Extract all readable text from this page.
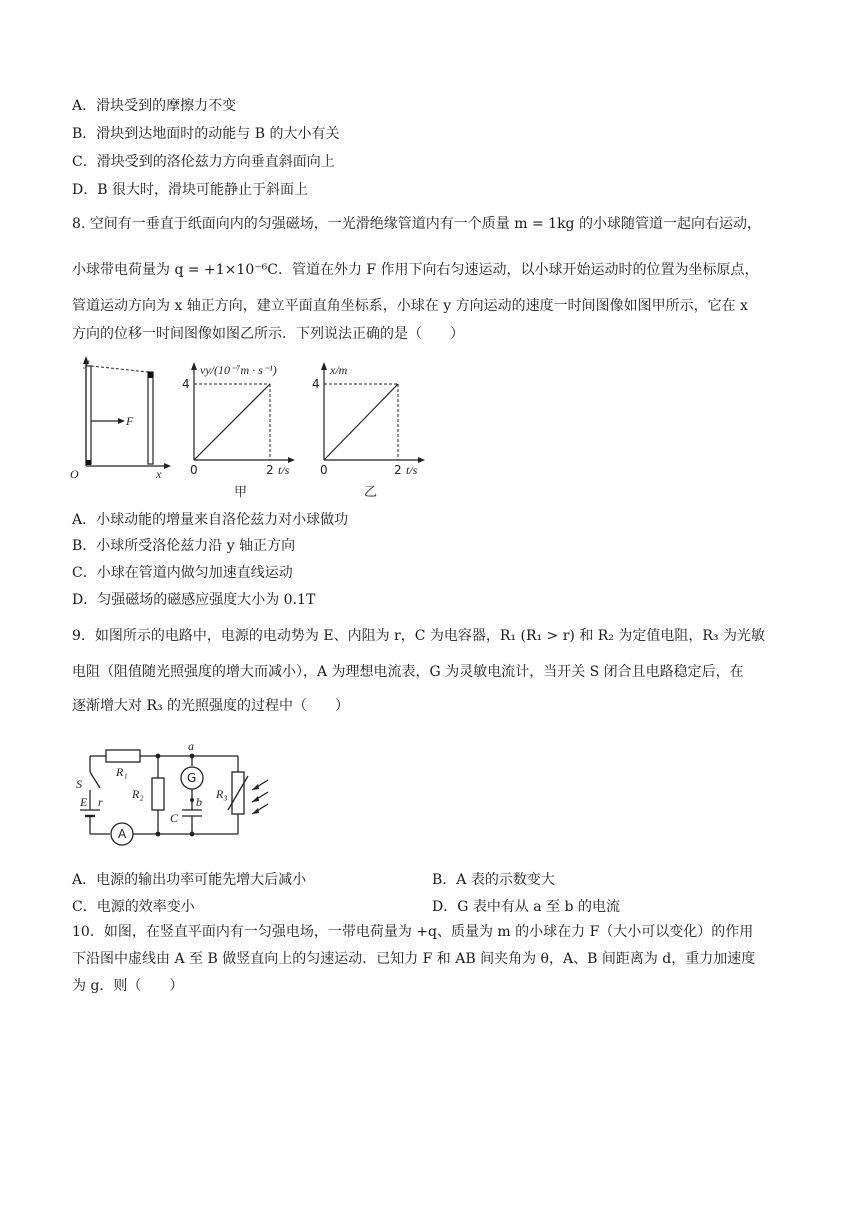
A．滑块受到的摩擦力不变
B．滑块到达地面时的动能与 B 的大小有关
C．滑块受到的洛伦兹力方向垂直斜面向上
D．B 很大时，滑块可能静止于斜面上
8. 空间有一垂直于纸面向内的匀强磁场，一光滑绝缘管道内有一个质量 m = 1kg 的小球随管道一起向右运动，
小球带电荷量为 q = +1×10⁻⁶C．管道在外力 F 作用下向右匀速运动，以小球开始运动时的位置为坐标原点，
管道运动方向为 x 轴正方向，建立平面直角坐标系，小球在 y 方向运动的速度一时间图像如图甲所示，它在 x
方向的位移一时间图像如图乙所示．下列说法正确的是（　　）
y
F
O	x
vy/(10⁻⁷m · s⁻¹)
4
2 t/s
0
甲
x/m
4
2 t/s
0
乙
A．小球动能的增量来自洛伦兹力对小球做功
B．小球所受洛伦兹力沿 y 轴正方向
C．小球在管道内做匀加速直线运动
D．匀强磁场的磁感应强度大小为 0.1T
9．如图所示的电路中，电源的电动势为 E、内阻为 r，C 为电容器，R₁ (R₁ > r) 和 R₂ 为定值电阻，R₃ 为光敏
电阻（阻值随光照强度的增大而减小），A 为理想电流表，G 为灵敏电流计，当开关 S 闭合且电路稳定后，在
逐渐增大对 R₃ 的光照强度的过程中（　　）
S
E r
R₁
R₂	R₃
G
A
C
a
b
A．电源的输出功率可能先增大后减小	B．A 表的示数变大
C．电源的效率变小	D．G 表中有从 a 至 b 的电流
10．如图，在竖直平面内有一匀强电场，一带电荷量为 +q、质量为 m 的小球在力 F（大小可以变化）的作用
下沿图中虚线由 A 至 B 做竖直向上的匀速运动．已知力 F 和 AB 间夹角为 θ，A、B 间距离为 d，重力加速度
为 g．则（　　）
